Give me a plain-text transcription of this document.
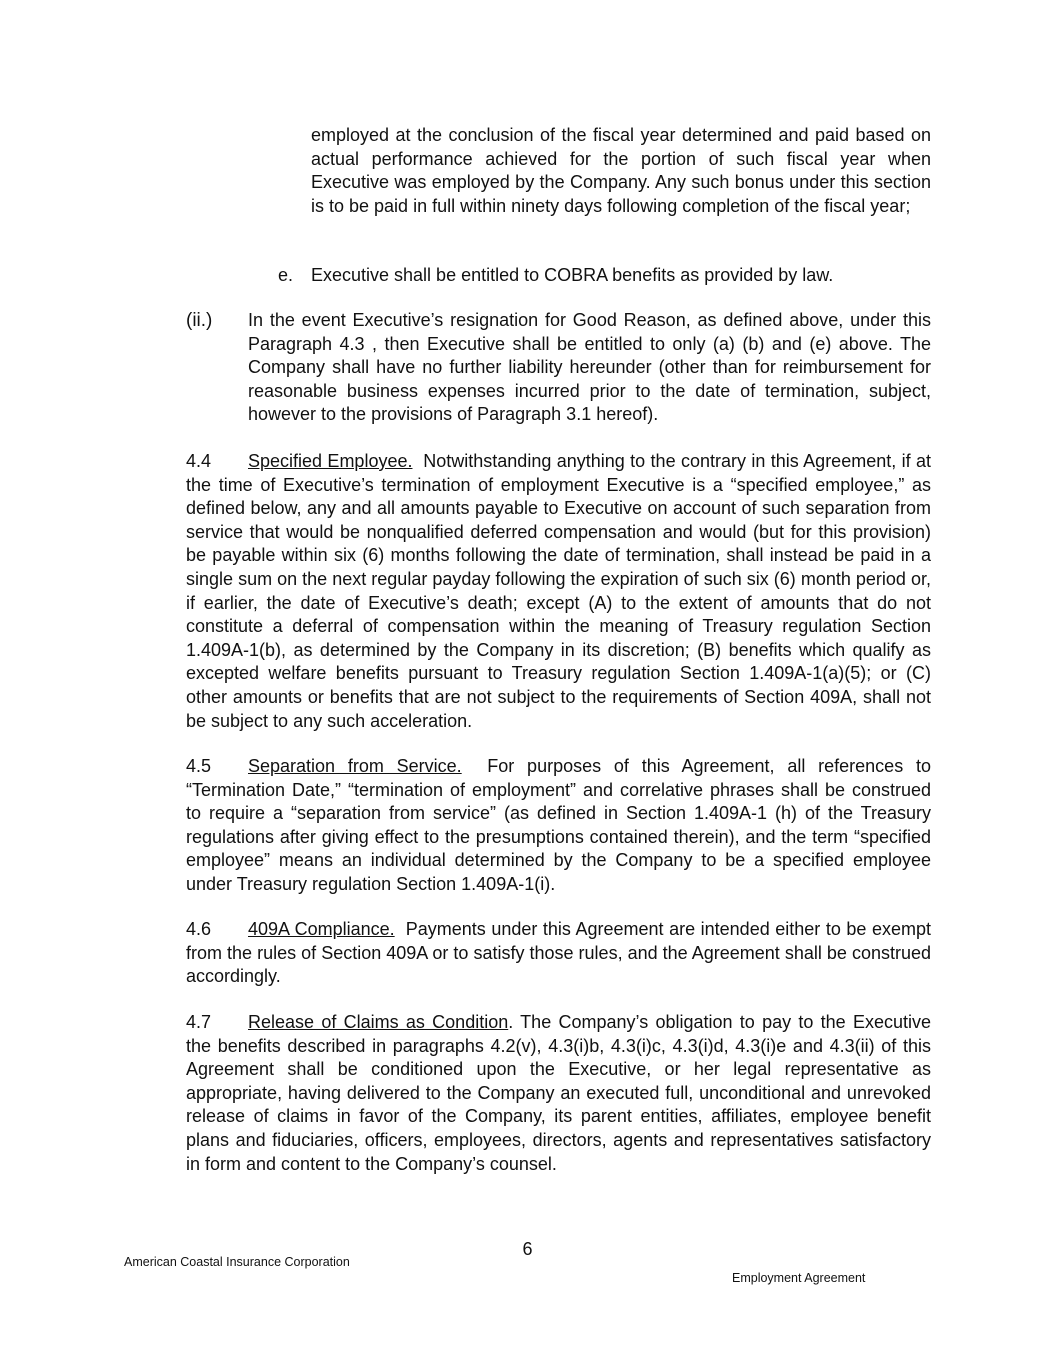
employed at the conclusion of the fiscal year determined and paid based on actual performance achieved for the portion of such fiscal year when Executive was employed by the Company. Any such bonus under this section is to be paid in full within ninety days following completion of the fiscal year;

e. Executive shall be entitled to COBRA benefits as provided by law.

(ii.) In the event Executive’s resignation for Good Reason, as defined above, under this Paragraph 4.3 , then Executive shall be entitled to only (a) (b) and (e) above. The Company shall have no further liability hereunder (other than for reimbursement for reasonable business expenses incurred prior to the date of termination, subject, however to the provisions of Paragraph 3.1 hereof).

4.4 Specified Employee. Notwithstanding anything to the contrary in this Agreement, if at the time of Executive’s termination of employment Executive is a “specified employee,” as defined below, any and all amounts payable to Executive on account of such separation from service that would be nonqualified deferred compensation and would (but for this provision) be payable within six (6) months following the date of termination, shall instead be paid in a single sum on the next regular payday following the expiration of such six (6) month period or, if earlier, the date of Executive’s death; except (A) to the extent of amounts that do not constitute a deferral of compensation within the meaning of Treasury regulation Section 1.409A-1(b), as determined by the Company in its discretion; (B) benefits which qualify as excepted welfare benefits pursuant to Treasury regulation Section 1.409A-1(a)(5); or (C) other amounts or benefits that are not subject to the requirements of Section 409A, shall not be subject to any such acceleration.

4.5 Separation from Service. For purposes of this Agreement, all references to “Termination Date,” “termination of employment” and correlative phrases shall be construed to require a “separation from service” (as defined in Section 1.409A-1 (h) of the Treasury regulations after giving effect to the presumptions contained therein), and the term “specified employee” means an individual determined by the Company to be a specified employee under Treasury regulation Section 1.409A-1(i).

4.6 409A Compliance. Payments under this Agreement are intended either to be exempt from the rules of Section 409A or to satisfy those rules, and the Agreement shall be construed accordingly.

4.7 Release of Claims as Condition. The Company’s obligation to pay to the Executive the benefits described in paragraphs 4.2(v), 4.3(i)b, 4.3(i)c, 4.3(i)d, 4.3(i)e and 4.3(ii) of this Agreement shall be conditioned upon the Executive, or her legal representative as appropriate, having delivered to the Company an executed full, unconditional and unrevoked release of claims in favor of the Company, its parent entities, affiliates, employee benefit plans and fiduciaries, officers, employees, directors, agents and representatives satisfactory in form and content to the Company’s counsel.

American Coastal Insurance Corporation
6
Employment Agreement
